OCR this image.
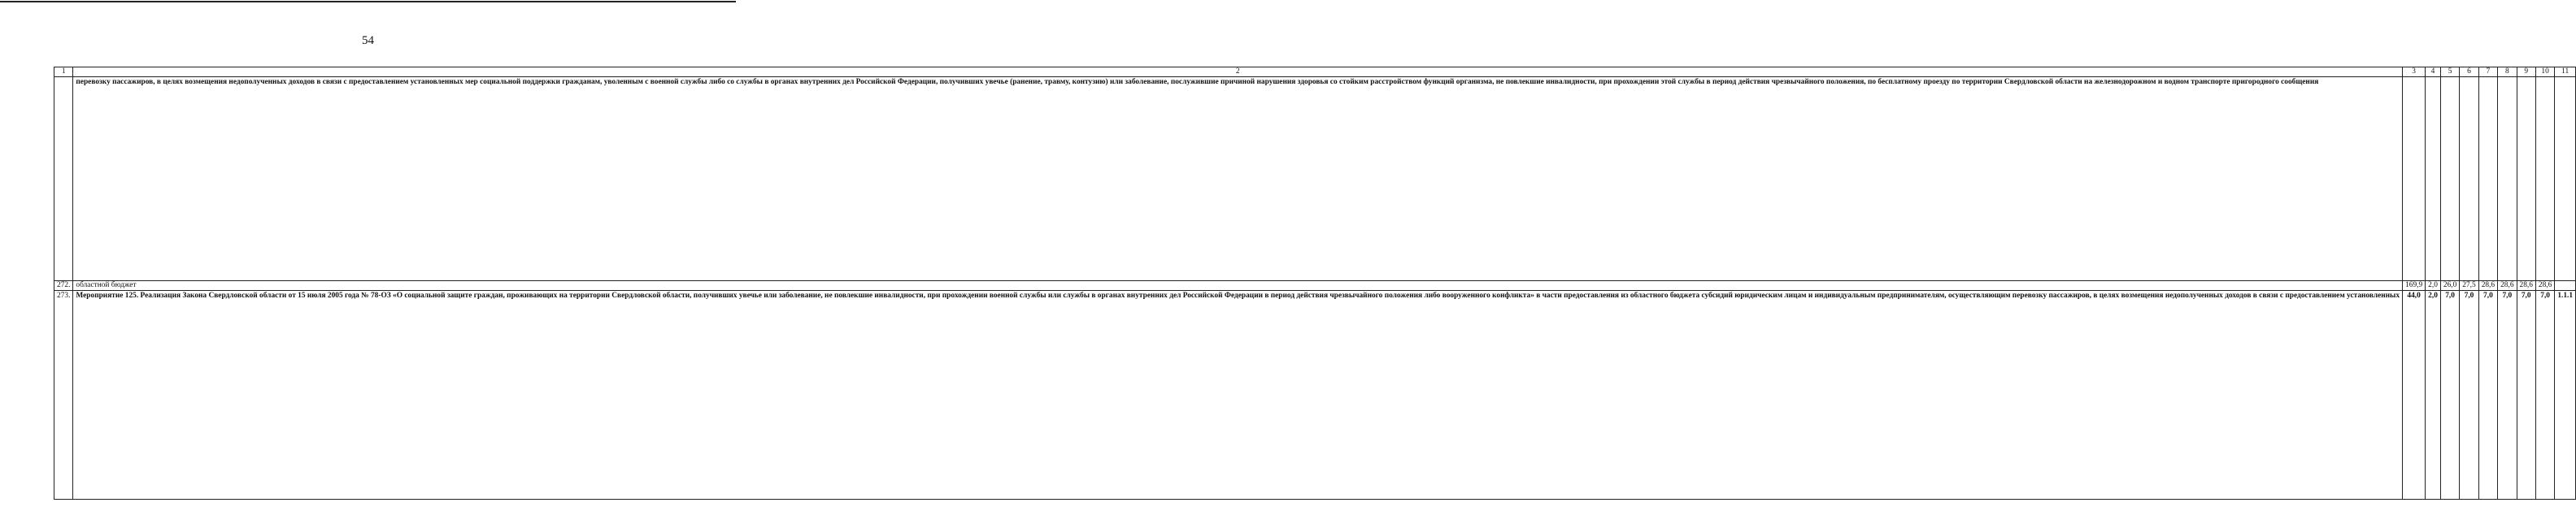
54
1	2	3	4	5	6	7	8	9	10	11
	перевозку пассажиров, в целях возмещения недополученных доходов в связи с предоставлением установленных мер социальной поддержки гражданам, уволенным с военной службы либо со службы в органах внутренних дел Российской Федерации, получивших увечье (ранение, травму, контузию) или заболевание, послужившие причиной нарушения здоровья со стойким расстройством функций организма, не повлекшие инвалидности, при прохождении этой службы в период действия чрезвычайного положения, по бесплатному проезду по территории Свердловской области на железнодорожном и водном транспорте пригородного сообщения									
272.	областной бюджет	169,9	2,0	26,0	27,5	28,6	28,6	28,6	28,6	
273.	Мероприятие 125. Реализация Закона Свердловской области от 15 июля 2005 года № 78-ОЗ «О социальной защите граждан, проживающих на территории Свердловской области, получивших увечье или заболевание, не повлекшие инвалидности, при прохождении военной службы или службы в органах внутренних дел Российской Федерации в период действия чрезвычайного положения либо вооруженного конфликта» в части предоставления из областного бюджета субсидий юридическим лицам и индивидуальным предпринимателям, осуществляющим перевозку пассажиров, в целях возмещения недополученных доходов в связи с предоставлением установленных	44,0	2,0	7,0	7,0	7,0	7,0	7,0	7,0	1.1.1
